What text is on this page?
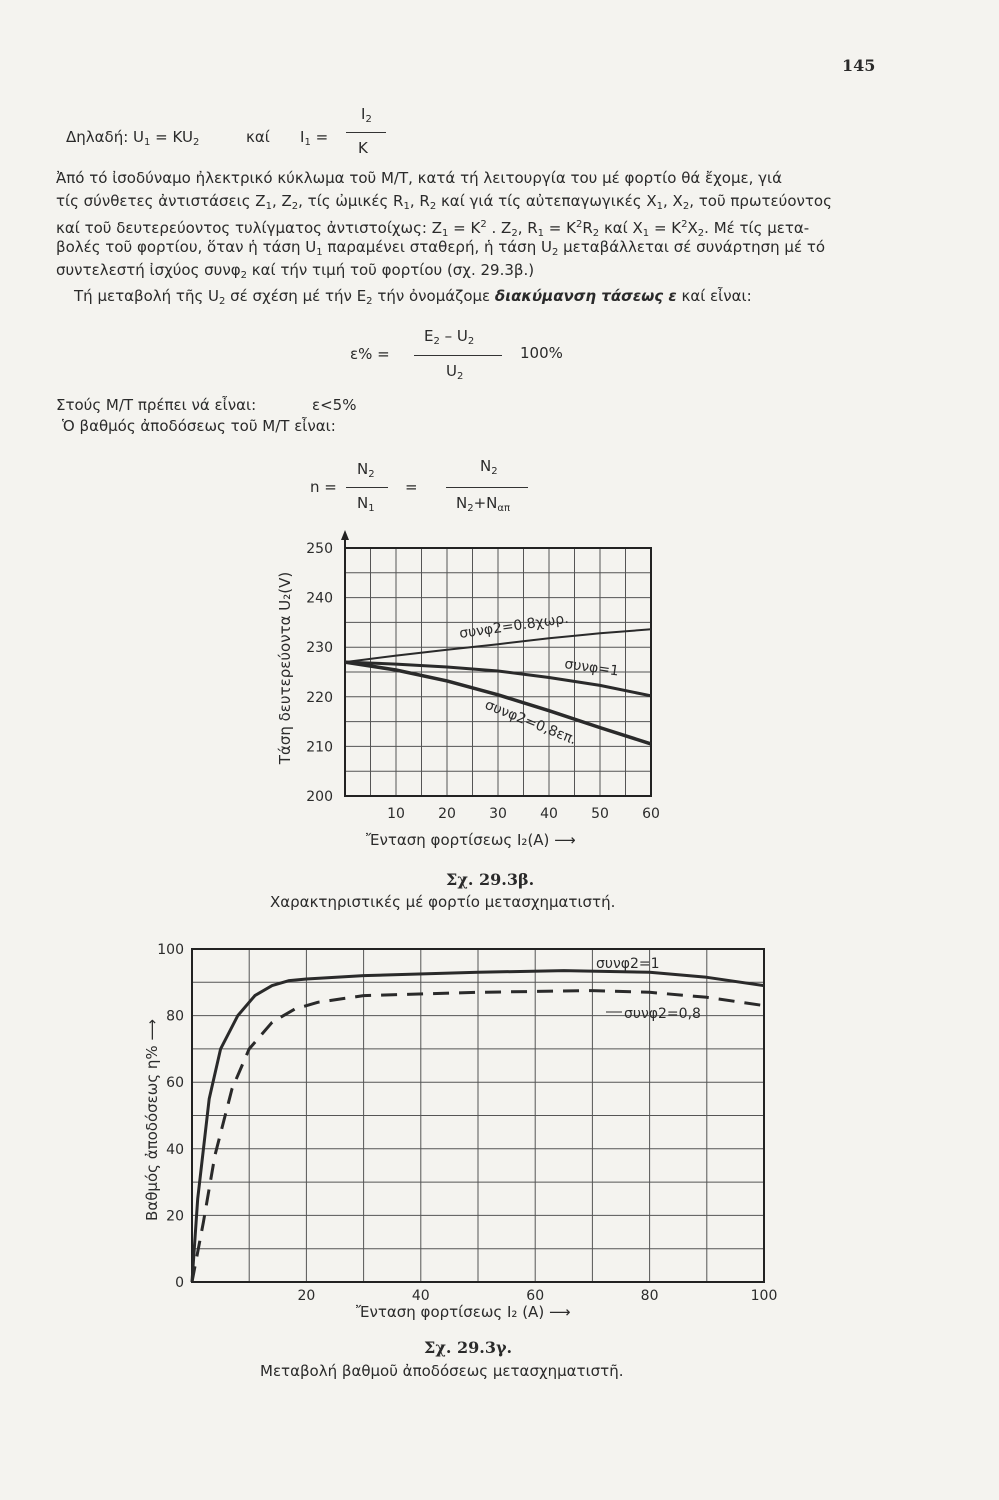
145
Δηλαδή: $U_1 = KU_2$	καί $I_1$ =
$I_2$
K
Ἀπό τό ἰσοδύναμο ἠλεκτρικό κύκλωμα τοῦ Μ/Τ, κατά τή λειτουργία του μέ φορτίο θά ἔχομε, γιά
τίς σύνθετες ἀντιστάσεις $Z_1$, $Z_2$, τίς ὠμικές $R_1$, $R_2$ καί γιά τίς αὐτεπαγωγικές $X_1$, $X_2$, τοῦ πρωτεύοντος
καί τοῦ δευτερεύοντος τυλίγματος ἀντιστοίχως: $Z_1 = K^2$ . $Z_2$, $R_1 = K^2R_2$ καί $X_1 = K^2X_2$. Μέ τίς μετα-
βολές τοῦ φορτίου, ὅταν ἡ τάση $U_1$ παραμένει σταθερή, ἡ τάση $U_2$ μεταβάλλεται σέ συνάρτηση μέ τό
συντελεστή ἰσχύος συνφ$_2$ καί τήν τιμή τοῦ φορτίου (σχ. 29.3β.)
Τή μεταβολή τῆς $U_2$ σέ σχέση μέ τήν $E_2$ τήν ὀνομάζομε διακύμανση τάσεως ε καί εἶναι:
ε% =
$E_2 - U_2$
$U_2$
100%
Στούς Μ/Τ πρέπει νά εἶναι:	ε<5%
Ὁ βαθμός ἀποδόσεως τοῦ Μ/Τ εἶναι:
n =
$N_2$
$N_1$
=
$N_2$
$N_2+N_{\alpha\pi}$
250
240
230
220
210
200
10 20 30 40 50 60
Ἔνταση φορτίσεως I₂(A) ⟶
Τάση δευτερεύοντα U₂(V)	συνφ2=0.8χωρ.
συνφ=1
συνφ2=0,8επ.
100
80
60
40
20
0
20	40	60	80	100
Ἔνταση φορτίσεως I₂ (A) ⟶
Βαθμός ἀποδόσεως η% ⟶
συνφ2=1
συνφ2=0,8
Σχ. 29.3β.
Χαρακτηριστικές μέ φορτίο μετασχηματιστή.
Σχ. 29.3γ.
Μεταβολή βαθμοῦ ἀποδόσεως μετασχηματιστῆ.
